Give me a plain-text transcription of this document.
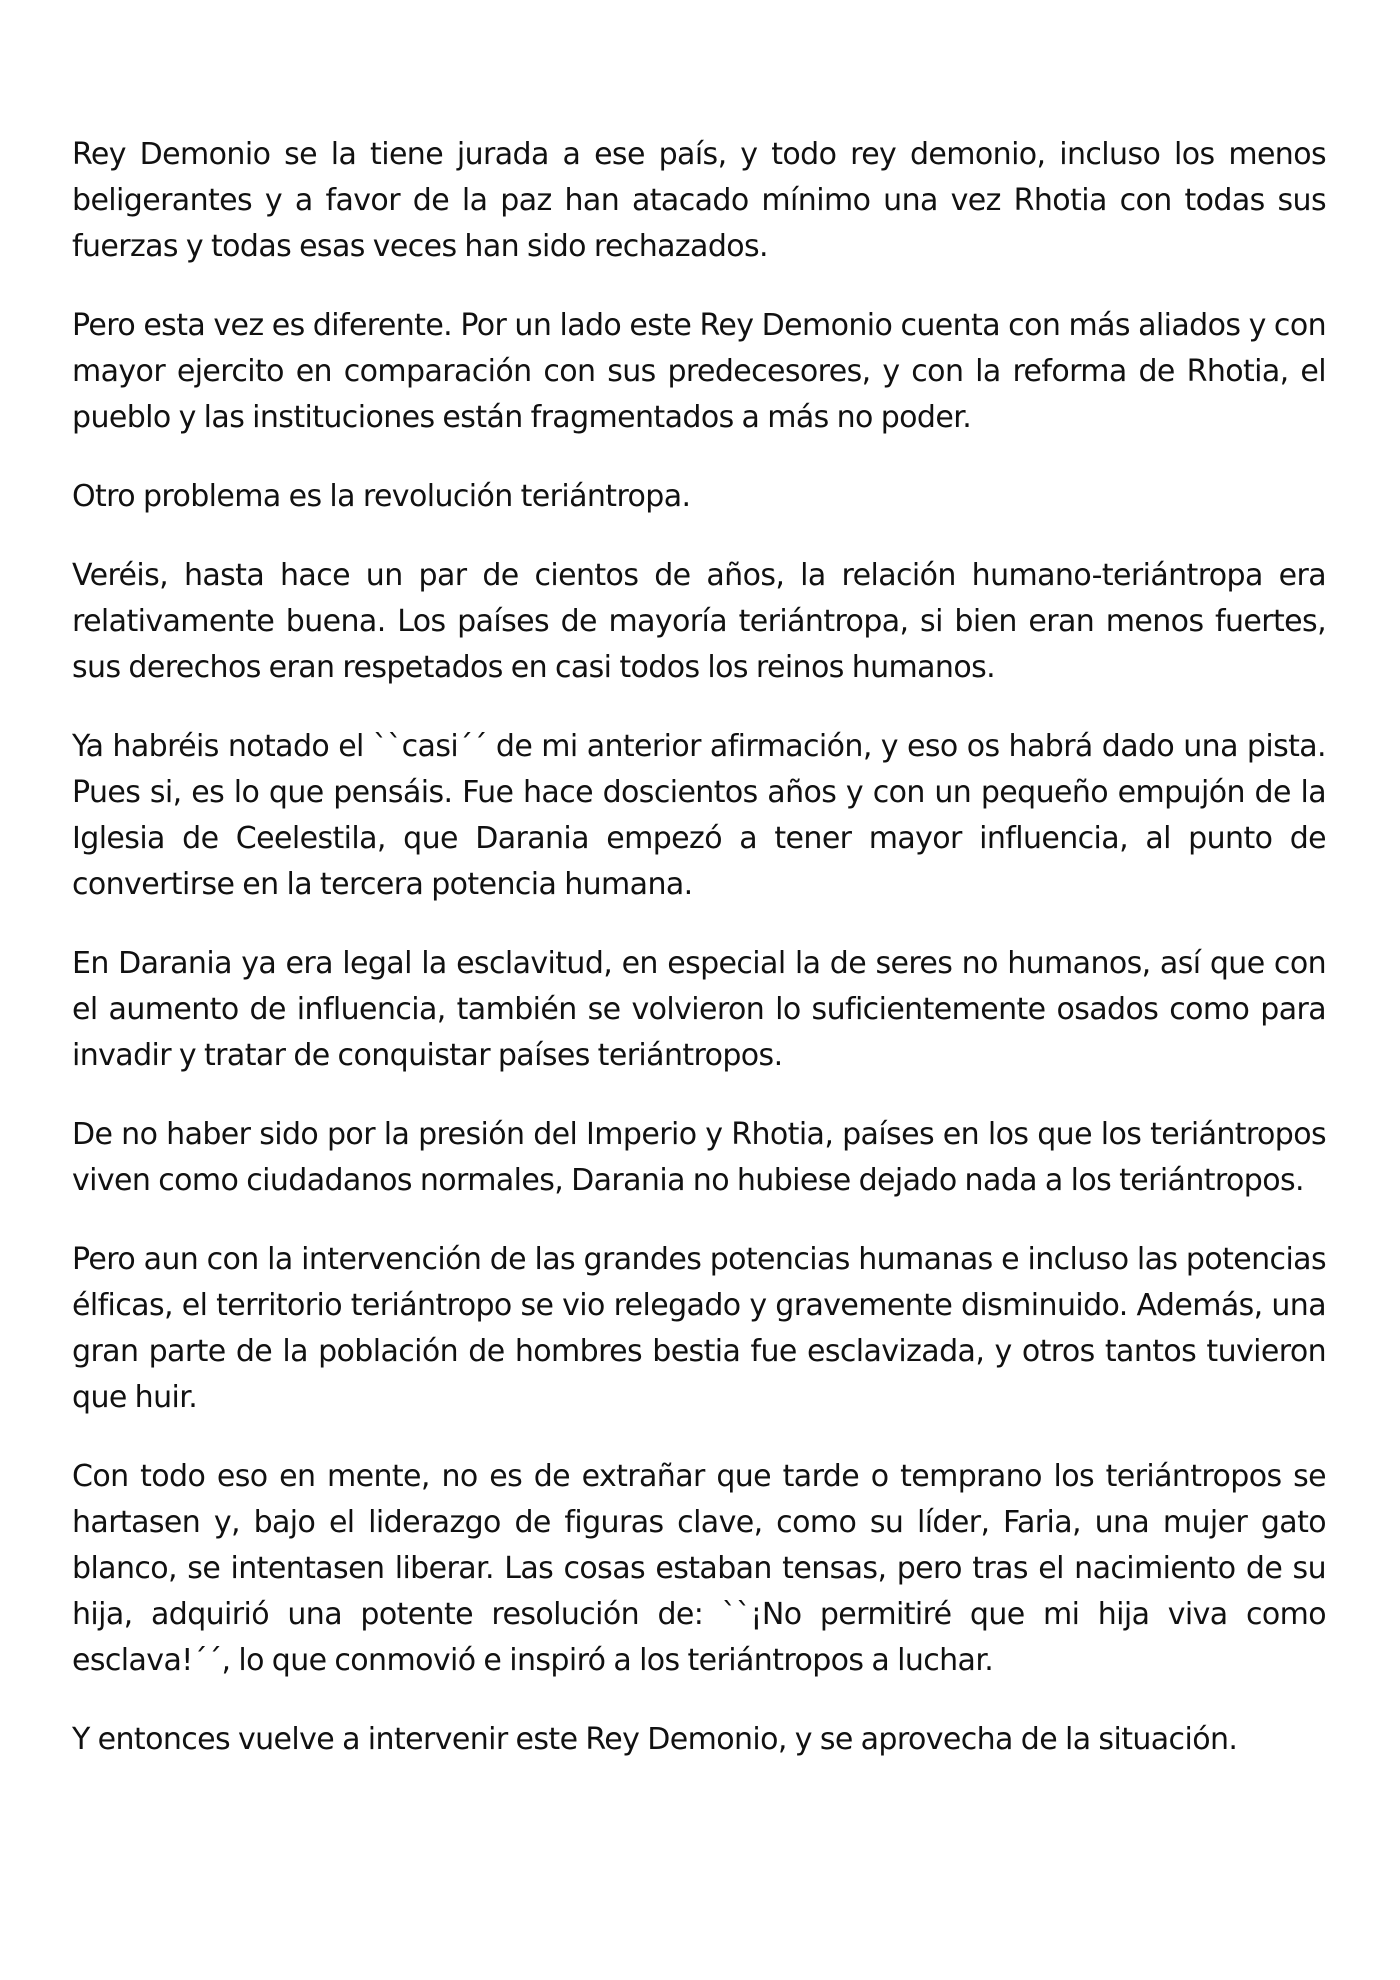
Rey Demonio se la tiene jurada a ese país, y todo rey demonio, incluso los menos beligerantes y a favor de la paz han atacado mínimo una vez Rhotia con todas sus fuerzas y todas esas veces han sido rechazados.

Pero esta vez es diferente. Por un lado este Rey Demonio cuenta con más aliados y con mayor ejercito en comparación con sus predecesores, y con la reforma de Rhotia, el pueblo y las instituciones están fragmentados a más no poder.

Otro problema es la revolución teriántropa.

Veréis, hasta hace un par de cientos de años, la relación humano-teriántropa era relativamente buena. Los países de mayoría teriántropa, si bien eran menos fuertes, sus derechos eran respetados en casi todos los reinos humanos.

Ya habréis notado el ``casi´´ de mi anterior afirmación, y eso os habrá dado una pista. Pues si, es lo que pensáis. Fue hace doscientos años y con un pequeño empujón de la Iglesia de Ceelestila, que Darania empezó a tener mayor influencia, al punto de convertirse en la tercera potencia humana.

En Darania ya era legal la esclavitud, en especial la de seres no humanos, así que con el aumento de influencia, también se volvieron lo suficientemente osados como para invadir y tratar de conquistar países teriántropos.

De no haber sido por la presión del Imperio y Rhotia, países en los que los teriántropos viven como ciudadanos normales, Darania no hubiese dejado nada a los teriántropos.

Pero aun con la intervención de las grandes potencias humanas e incluso las potencias élficas, el territorio teriántropo se vio relegado y gravemente disminuido. Además, una gran parte de la población de hombres bestia fue esclavizada, y otros tantos tuvieron que huir.

Con todo eso en mente, no es de extrañar que tarde o temprano los teriántropos se hartasen y, bajo el liderazgo de figuras clave, como su líder, Faria, una mujer gato blanco, se intentasen liberar. Las cosas estaban tensas, pero tras el nacimiento de su hija, adquirió una potente resolución de: ``¡No permitiré que mi hija viva como esclava!´´, lo que conmovió e inspiró a los teriántropos a luchar.

Y entonces vuelve a intervenir este Rey Demonio, y se aprovecha de la situación.
